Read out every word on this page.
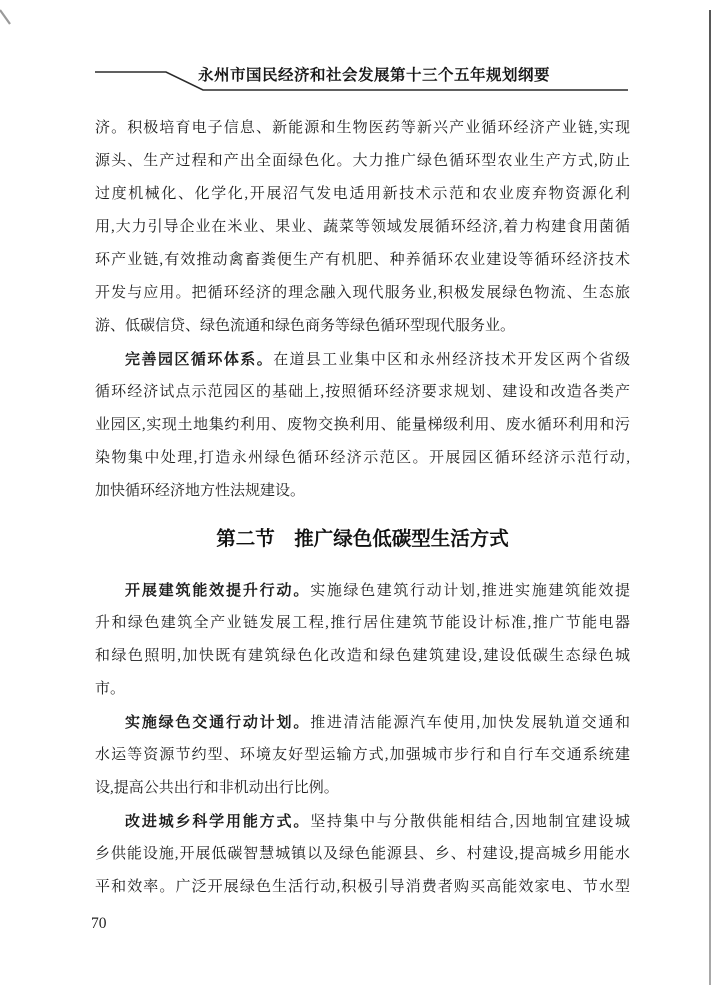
永州市国民经济和社会发展第十三个五年规划纲要
济。积极培育电子信息、新能源和生物医药等新兴产业循环经济产业链,实现
源头、生产过程和产出全面绿色化。大力推广绿色循环型农业生产方式,防止
过度机械化、化学化,开展沼气发电适用新技术示范和农业废弃物资源化利
用,大力引导企业在米业、果业、蔬菜等领域发展循环经济,着力构建食用菌循
环产业链,有效推动禽畜粪便生产有机肥、种养循环农业建设等循环经济技术
开发与应用。把循环经济的理念融入现代服务业,积极发展绿色物流、生态旅
游、低碳信贷、绿色流通和绿色商务等绿色循环型现代服务业。
完善园区循环体系。在道县工业集中区和永州经济技术开发区两个省级
循环经济试点示范园区的基础上,按照循环经济要求规划、建设和改造各类产
业园区,实现土地集约利用、废物交换利用、能量梯级利用、废水循环利用和污
染物集中处理,打造永州绿色循环经济示范区。开展园区循环经济示范行动,
加快循环经济地方性法规建设。
第二节　推广绿色低碳型生活方式
开展建筑能效提升行动。实施绿色建筑行动计划,推进实施建筑能效提
升和绿色建筑全产业链发展工程,推行居住建筑节能设计标准,推广节能电器
和绿色照明,加快既有建筑绿色化改造和绿色建筑建设,建设低碳生态绿色城
市。
实施绿色交通行动计划。推进清洁能源汽车使用,加快发展轨道交通和
水运等资源节约型、环境友好型运输方式,加强城市步行和自行车交通系统建
设,提高公共出行和非机动出行比例。
改进城乡科学用能方式。坚持集中与分散供能相结合,因地制宜建设城
乡供能设施,开展低碳智慧城镇以及绿色能源县、乡、村建设,提高城乡用能水
平和效率。广泛开展绿色生活行动,积极引导消费者购买高能效家电、节水型
70
